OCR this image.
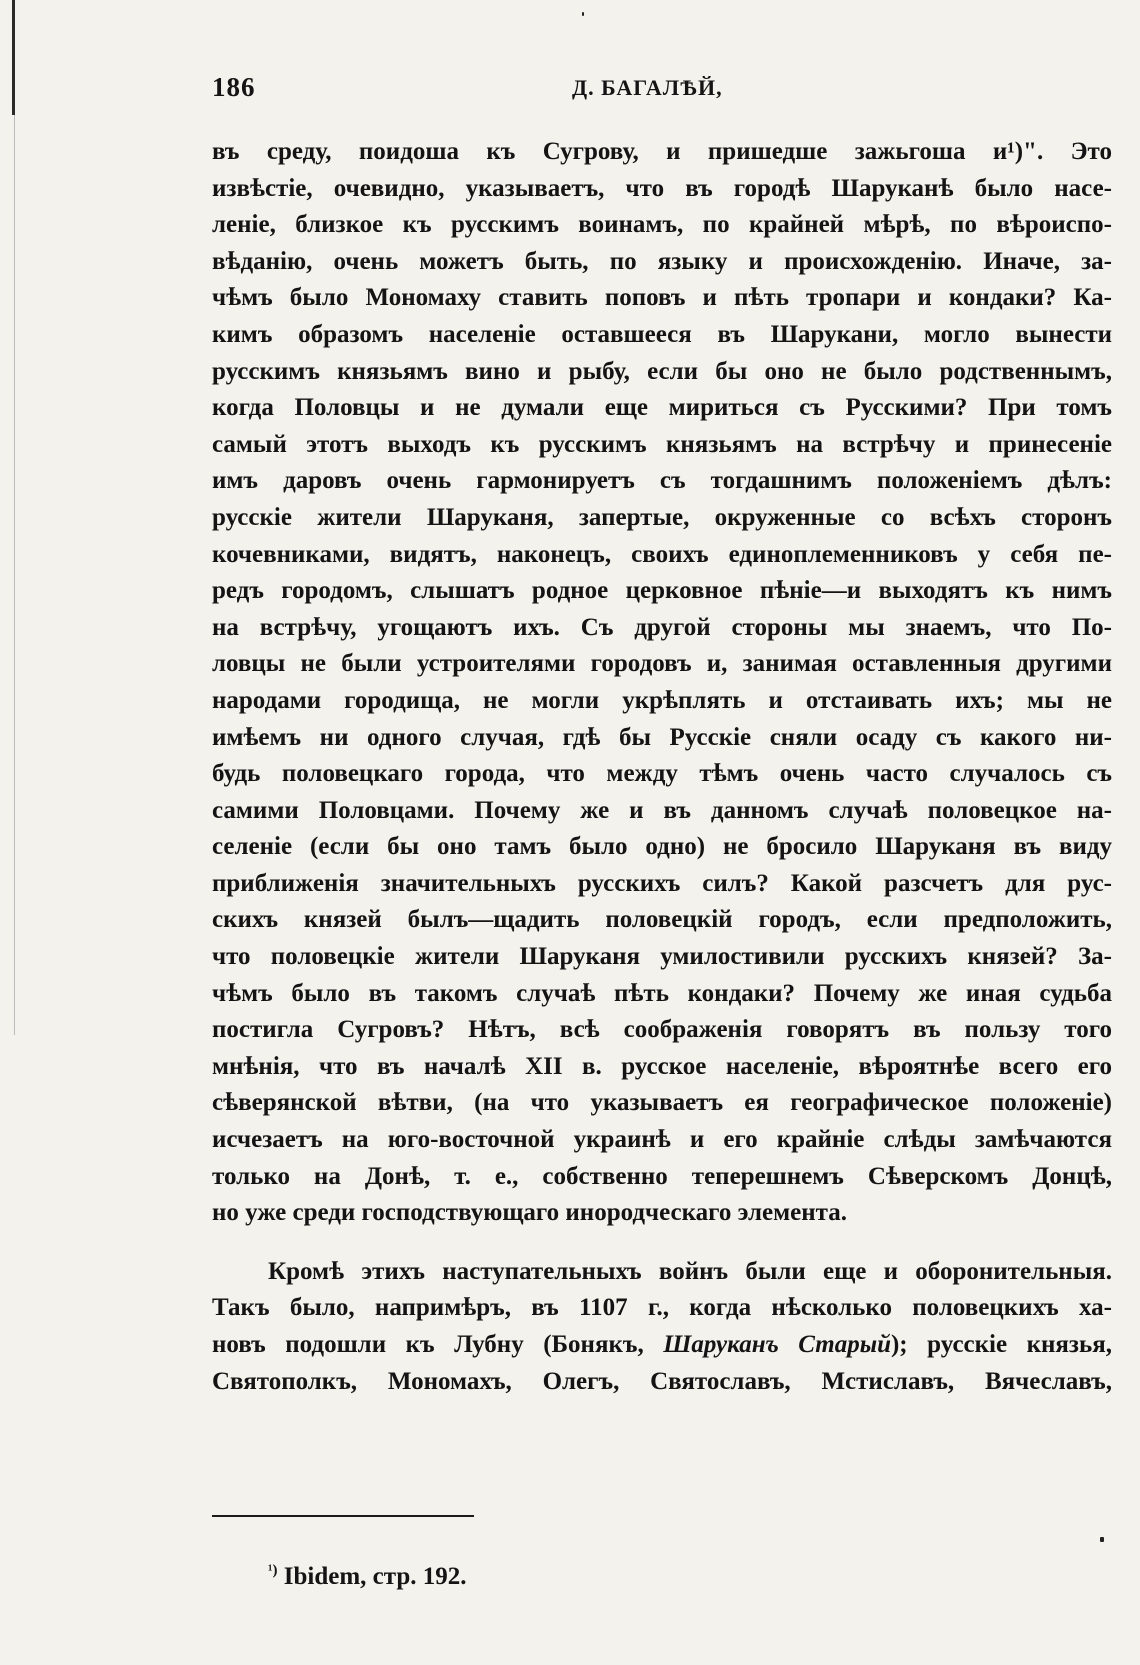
186	Д. БАГАЛѢЙ,
въ среду, поидоша къ Сугрову, и пришедше зажьгоша и¹)". Это
извѣстіе, очевидно, указываетъ, что въ городѣ Шаруканѣ было насе-
леніе, близкое къ русскимъ воинамъ, по крайней мѣрѣ, по вѣроиспо-
вѣданію, очень можетъ быть, по языку и происхожденію. Иначе, за-
чѣмъ было Мономаху ставить поповъ и пѣть тропари и кондаки? Ка-
кимъ образомъ населеніе оставшееся въ Шарукани, могло вынести
русскимъ князьямъ вино и рыбу, если бы оно не было родственнымъ,
когда Половцы и не думали еще мириться съ Русскими? При томъ
самый этотъ выходъ къ русскимъ князьямъ на встрѣчу и принесеніе
имъ даровъ очень гармонируетъ съ тогдашнимъ положеніемъ дѣлъ:
русскіе жители Шаруканя, запертые, окруженные со всѣхъ сторонъ
кочевниками, видятъ, наконецъ, своихъ единоплеменниковъ у себя пе-
редъ городомъ, слышатъ родное церковное пѣніе—и выходятъ къ нимъ
на встрѣчу, угощаютъ ихъ. Съ другой стороны мы знаемъ, что По-
ловцы не были устроителями городовъ и, занимая оставленныя другими
народами городища, не могли укрѣплять и отстаивать ихъ; мы не
имѣемъ ни одного случая, гдѣ бы Русскіе сняли осаду съ какого ни-
будь половецкаго города, что между тѣмъ очень часто случалось съ
самими Половцами. Почему же и въ данномъ случаѣ половецкое на-
селеніе (если бы оно тамъ было одно) не бросило Шаруканя въ виду
приближенія значительныхъ русскихъ силъ? Какой разсчетъ для рус-
скихъ князей былъ—щадить половецкій городъ, если предположить,
что половецкіе жители Шаруканя умилостивили русскихъ князей? За-
чѣмъ было въ такомъ случаѣ пѣть кондаки? Почему же иная судьба
постигла Сугровъ? Нѣтъ, всѣ соображенія говорятъ въ пользу того
мнѣнія, что въ началѣ XII в. русское населеніе, вѣроятнѣе всего его
сѣверянской вѣтви, (на что указываетъ ея географическое положеніе)
исчезаетъ на юго-восточной украинѣ и его крайніе слѣды замѣчаются
только на Донѣ, т. е., собственно теперешнемъ Сѣверскомъ Донцѣ,
но уже среди господствующаго инородческаго элемента.
Кромѣ этихъ наступательныхъ войнъ были еще и оборонительныя.
Такъ было, напримѣръ, въ 1107 г., когда нѣсколько половецкихъ ха-
новъ подошли къ Лубну (Бонякъ, Шаруканъ Старый); русскіе князья,
Святополкъ, Мономахъ, Олегъ, Святославъ, Мстиславъ, Вячеславъ,
$^{^1)}$ Ibidem, стр. 192.
